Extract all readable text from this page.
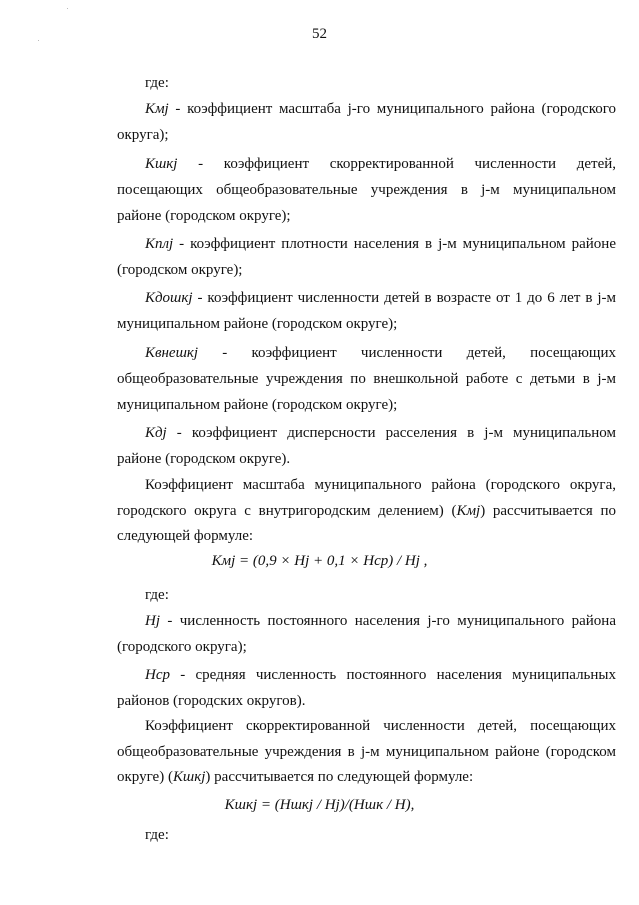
52

где:

Кмj - коэффициент масштаба j-го муниципального района (городского округа);

Кшкj - коэффициент скорректированной численности детей,

посещающих общеобразовательные учреждения в j-м муниципальном районе (городском округе);

Кплj - коэффициент плотности населения в j-м муниципальном районе (городском округе);

Кдошкj - коэффициент численности детей в возрасте от 1 до 6 лет в j-м муниципальном районе (городском округе);

Квнешкj - коэффициент численности детей, посещающих

общеобразовательные учреждения по внешкольной работе с детьми в j-м муниципальном районе (городском округе);

Кдj - коэффициент дисперсности расселения в j-м муниципальном районе (городском округе).

Коэффициент масштаба муниципального района (городского округа, городского округа с внутригородским делением) (Кмj) рассчитывается по следующей формуле:

Кмj = (0,9 × Нj + 0,1 × Нср) / Нj ,

где:

Нj - численность постоянного населения j-го муниципального района (городского округа);

Нср - средняя численность постоянного населения муниципальных районов (городских округов).

Коэффициент скорректированной численности детей, посещающих общеобразовательные учреждения в j-м муниципальном районе (городском округе) (Кшкj) рассчитывается по следующей формуле:

Кшкj = (Ншкj / Нj)/(Ншк / Н),

где:
